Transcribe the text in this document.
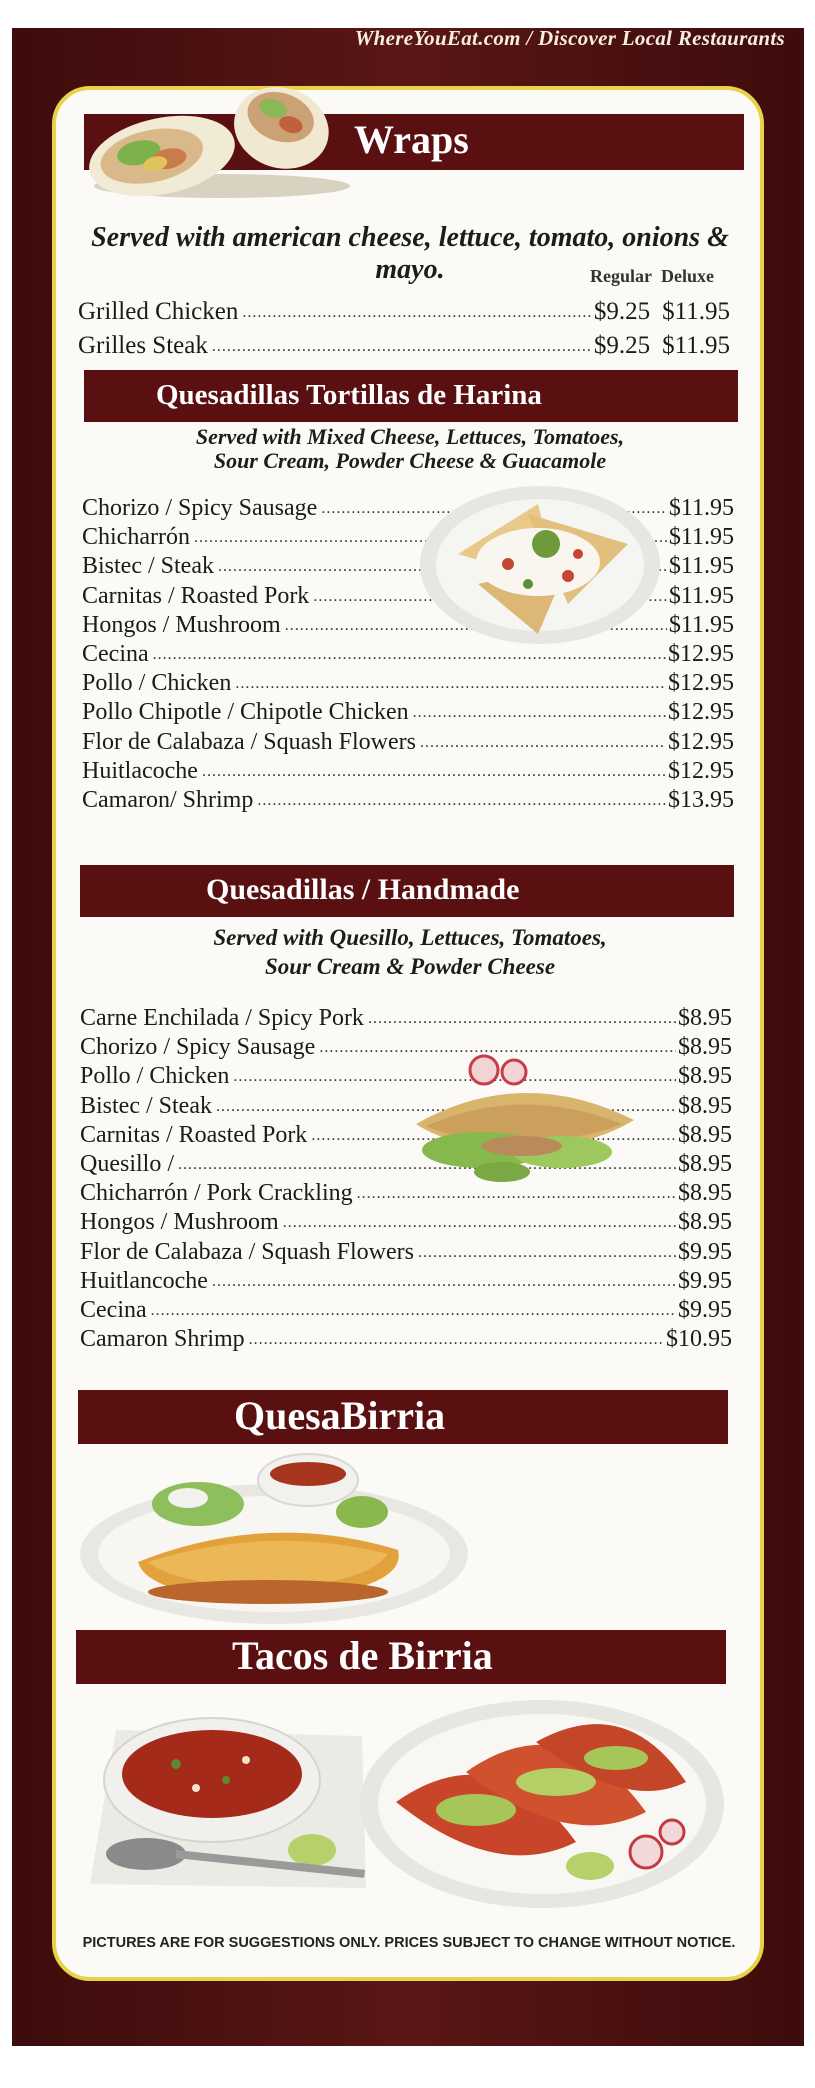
WhereYouEat.com / Discover Local Restaurants
Wraps
Served with american cheese, lettuce, tomato, onions & mayo.	Regular Deluxe
Grilled Chicken .....	$9.25 $11.95
Grilles Steak .....	$9.25 $11.95
Quesadillas Tortillas de Harina
Served with Mixed Cheese, Lettuces, Tomatoes,
Sour Cream, Powder Cheese & Guacamole
Chorizo / Spicy Sausage .....	$11.95
Chicharrón .....	$11.95
Bistec / Steak .....	$11.95
Carnitas / Roasted Pork .....	$11.95
Hongos / Mushroom .....	$11.95
Cecina .....	$12.95
Pollo / Chicken .....	$12.95
Pollo Chipotle / Chipotle Chicken .....	$12.95
Flor de Calabaza / Squash Flowers .....	$12.95
Huitlacoche .....	$12.95
Camaron/ Shrimp .....	$13.95
Quesadillas / Handmade
Served with Quesillo, Lettuces, Tomatoes,
Sour Cream & Powder Cheese
Carne Enchilada / Spicy Pork .....	$8.95
Chorizo / Spicy Sausage .....	$8.95
Pollo / Chicken .....	$8.95
Bistec / Steak .....	$8.95
Carnitas / Roasted Pork .....	$8.95
Quesillo / .....	$8.95
Chicharrón / Pork Crackling .....	$8.95
Hongos / Mushroom .....	$8.95
Flor de Calabaza / Squash Flowers .....	$9.95
Huitlancoche .....	$9.95
Cecina .....	$9.95
Camaron Shrimp .....	$10.95
QuesaBirria
Tacos de Birria
PICTURES ARE FOR SUGGESTIONS ONLY. PRICES SUBJECT TO CHANGE WITHOUT NOTICE.
